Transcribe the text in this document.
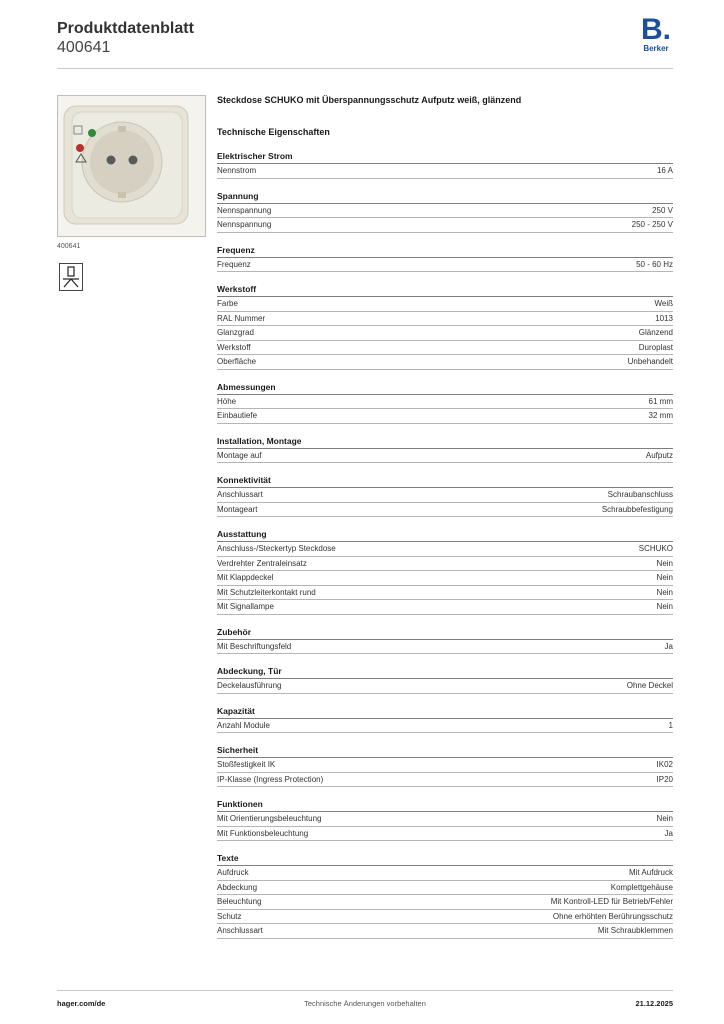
Produktdatenblatt
400641
B.
Berker
400641
Steckdose SCHUKO mit Überspannungsschutz Aufputz weiß, glänzend
Technische Eigenschaften
Elektrischer Strom
Nennstrom	16 A
Spannung
Nennspannung	250 V
Nennspannung	250 - 250 V
Frequenz
Frequenz	50 - 60 Hz
Werkstoff
Farbe	Weiß
RAL Nummer	1013
Glanzgrad	Glänzend
Werkstoff	Duroplast
Oberfläche	Unbehandelt
Abmessungen
Höhe	61 mm
Einbautiefe	32 mm
Installation, Montage
Montage auf	Aufputz
Konnektivität
Anschlussart	Schraubanschluss
Montageart	Schraubbefestigung
Ausstattung
Anschluss-/Steckertyp Steckdose	SCHUKO
Verdrehter Zentraleinsatz	Nein
Mit Klappdeckel	Nein
Mit Schutzleiterkontakt rund	Nein
Mit Signallampe	Nein
Zubehör
Mit Beschriftungsfeld	Ja
Abdeckung, Tür
Deckelausführung	Ohne Deckel
Kapazität
Anzahl Module	1
Sicherheit
Stoßfestigkeit IK	IK02
IP-Klasse (Ingress Protection)	IP20
Funktionen
Mit Orientierungsbeleuchtung	Nein
Mit Funktionsbeleuchtung	Ja
Texte
Aufdruck	Mit Aufdruck
Abdeckung	Komplettgehäuse
Beleuchtung	Mit Kontroll-LED für Betrieb/Fehler
Schutz	Ohne erhöhten Berührungsschutz
Anschlussart	Mit Schraubklemmen
hager.com/de	Technische Änderungen vorbehalten	21.12.2025
